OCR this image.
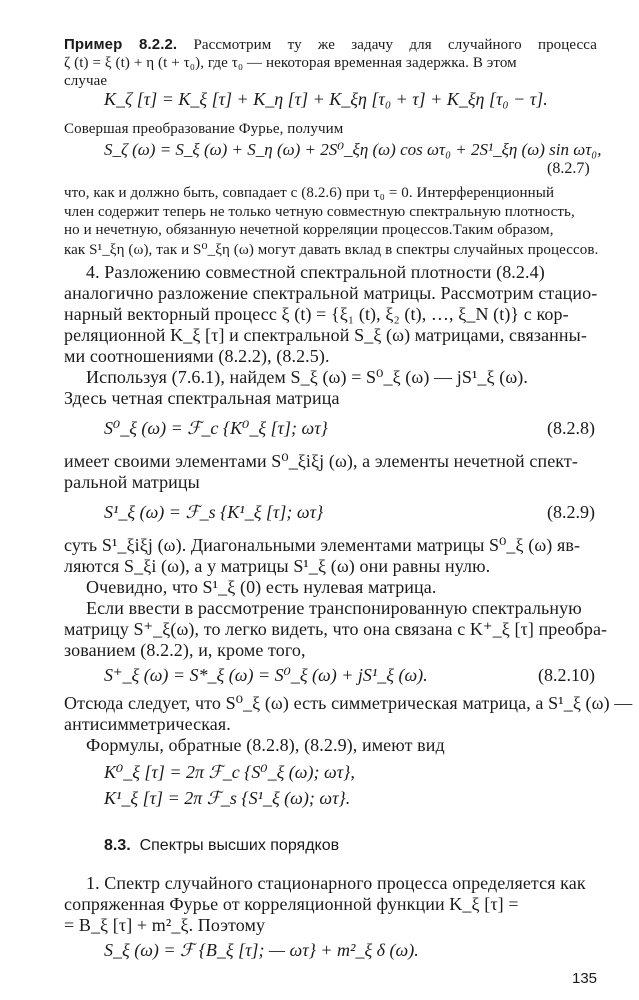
Пример 8.2.2. Рассмотрим ту же задачу для случайного процесса
ζ (t) = ξ (t) + η (t + τ₀), где τ₀ — некоторая временная задержка. В этом
случае
K_ζ [τ] = K_ξ [τ] + K_η [τ] + K_ξη [τ₀ + τ] + K_ξη [τ₀ − τ].
Совершая преобразование Фурье, получим
S_ζ (ω) = S_ξ (ω) + S_η (ω) + 2S⁰_ξη (ω) cos ωτ₀ + 2S¹_ξη (ω) sin ωτ₀,
(8.2.7)
что, как и должно быть, совпадает с (8.2.6) при τ₀ = 0. Интерференционный
член содержит теперь не только четную совместную спектральную плотность,
но и нечетную, обязанную нечетной корреляции процессов.Таким образом,
как S¹_ξη (ω), так и S⁰_ξη (ω) могут давать вклад в спектры случайных процессов.
4. Разложению совместной спектральной плотности (8.2.4)
аналогично разложение спектральной матрицы. Рассмотрим стацио-
нарный векторный процесс ξ (t) = {ξ₁ (t), ξ₂ (t), …, ξ_N (t)} с кор-
реляционной K_ξ [τ] и спектральной S_ξ (ω) матрицами, связанны-
ми соотношениями (8.2.2), (8.2.5).
Используя (7.6.1), найдем S_ξ (ω) = S⁰_ξ (ω) — jS¹_ξ (ω).
Здесь четная спектральная матрица
S⁰_ξ (ω) = ℱ_c {K⁰_ξ [τ]; ωτ}	(8.2.8)
имеет своими элементами S⁰_ξiξj (ω), а элементы нечетной спект-
ральной матрицы
S¹_ξ (ω) = ℱ_s {K¹_ξ [τ]; ωτ}	(8.2.9)
суть S¹_ξiξj (ω). Диагональными элементами матрицы S⁰_ξ (ω) яв-
ляются S_ξi (ω), а у матрицы S¹_ξ (ω) они равны нулю.
Очевидно, что S¹_ξ (0) есть нулевая матрица.
Если ввести в рассмотрение транспонированную спектральную
матрицу S⁺_ξ(ω), то легко видеть, что она связана с K⁺_ξ [τ] преобра-
зованием (8.2.2), и, кроме того,
S⁺_ξ (ω) = S*_ξ (ω) = S⁰_ξ (ω) + jS¹_ξ (ω).	(8.2.10)
Отсюда следует, что S⁰_ξ (ω) есть симметрическая матрица, а S¹_ξ (ω) —
антисимметрическая.
Формулы, обратные (8.2.8), (8.2.9), имеют вид
K⁰_ξ [τ] = 2π ℱ_c {S⁰_ξ (ω); ωτ},
K¹_ξ [τ] = 2π ℱ_s {S¹_ξ (ω); ωτ}.
8.3. Спектры высших порядков
1. Спектр случайного стационарного процесса определяется как
сопряженная Фурье от корреляционной функции K_ξ [τ] =
= B_ξ [τ] + m²_ξ. Поэтому
S_ξ (ω) = ℱ {B_ξ [τ]; — ωτ} + m²_ξ δ (ω).
135
